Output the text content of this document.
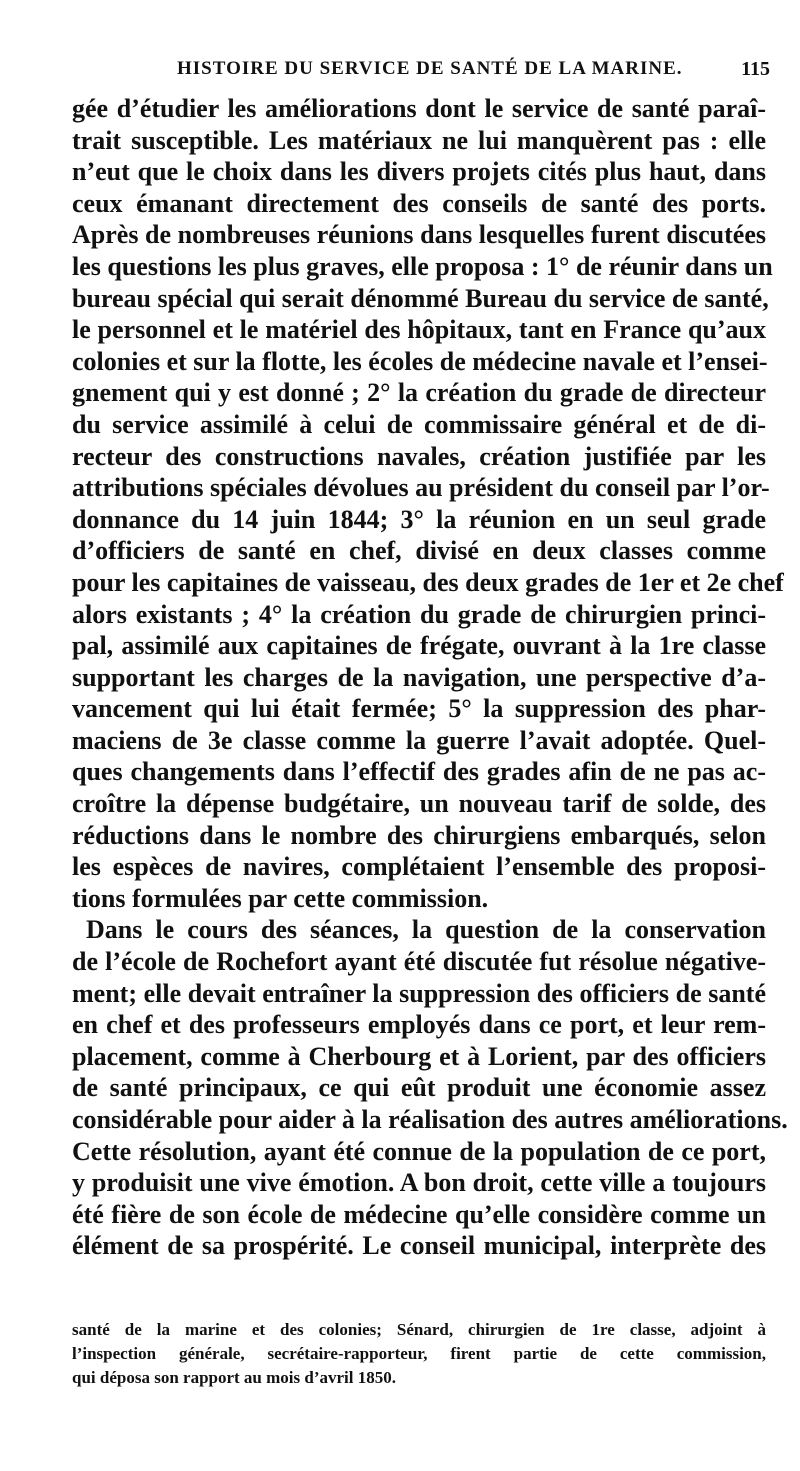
HISTOIRE DU SERVICE DE SANTÉ DE LA MARINE.	115
gée d’étudier les améliorations dont le service de santé paraî-
trait susceptible. Les matériaux ne lui manquèrent pas : elle
n’eut que le choix dans les divers projets cités plus haut, dans
ceux émanant directement des conseils de santé des ports.
Après de nombreuses réunions dans lesquelles furent discutées
les questions les plus graves, elle proposa : 1° de réunir dans un
bureau spécial qui serait dénommé Bureau du service de santé,
le personnel et le matériel des hôpitaux, tant en France qu’aux
colonies et sur la flotte, les écoles de médecine navale et l’ensei-
gnement qui y est donné ; 2° la création du grade de directeur
du service assimilé à celui de commissaire général et de di-
recteur des constructions navales, création justifiée par les
attributions spéciales dévolues au président du conseil par l’or-
donnance du 14 juin 1844; 3° la réunion en un seul grade
d’officiers de santé en chef, divisé en deux classes comme
pour les capitaines de vaisseau, des deux grades de 1er et 2e chef
alors existants ; 4° la création du grade de chirurgien princi-
pal, assimilé aux capitaines de frégate, ouvrant à la 1re classe
supportant les charges de la navigation, une perspective d’a-
vancement qui lui était fermée; 5° la suppression des phar-
maciens de 3e classe comme la guerre l’avait adoptée. Quel-
ques changements dans l’effectif des grades afin de ne pas ac-
croître la dépense budgétaire, un nouveau tarif de solde, des
réductions dans le nombre des chirurgiens embarqués, selon
les espèces de navires, complétaient l’ensemble des proposi-
tions formulées par cette commission.
Dans le cours des séances, la question de la conservation
de l’école de Rochefort ayant été discutée fut résolue négative-
ment; elle devait entraîner la suppression des officiers de santé
en chef et des professeurs employés dans ce port, et leur rem-
placement, comme à Cherbourg et à Lorient, par des officiers
de santé principaux, ce qui eût produit une économie assez
considérable pour aider à la réalisation des autres améliorations.
Cette résolution, ayant été connue de la population de ce port,
y produisit une vive émotion. A bon droit, cette ville a toujours
été fière de son école de médecine qu’elle considère comme un
élément de sa prospérité. Le conseil municipal, interprète des
santé de la marine et des colonies; Sénard, chirurgien de 1re classe, adjoint à
l’inspection générale, secrétaire-rapporteur, firent partie de cette commission,
qui déposa son rapport au mois d’avril 1850.
